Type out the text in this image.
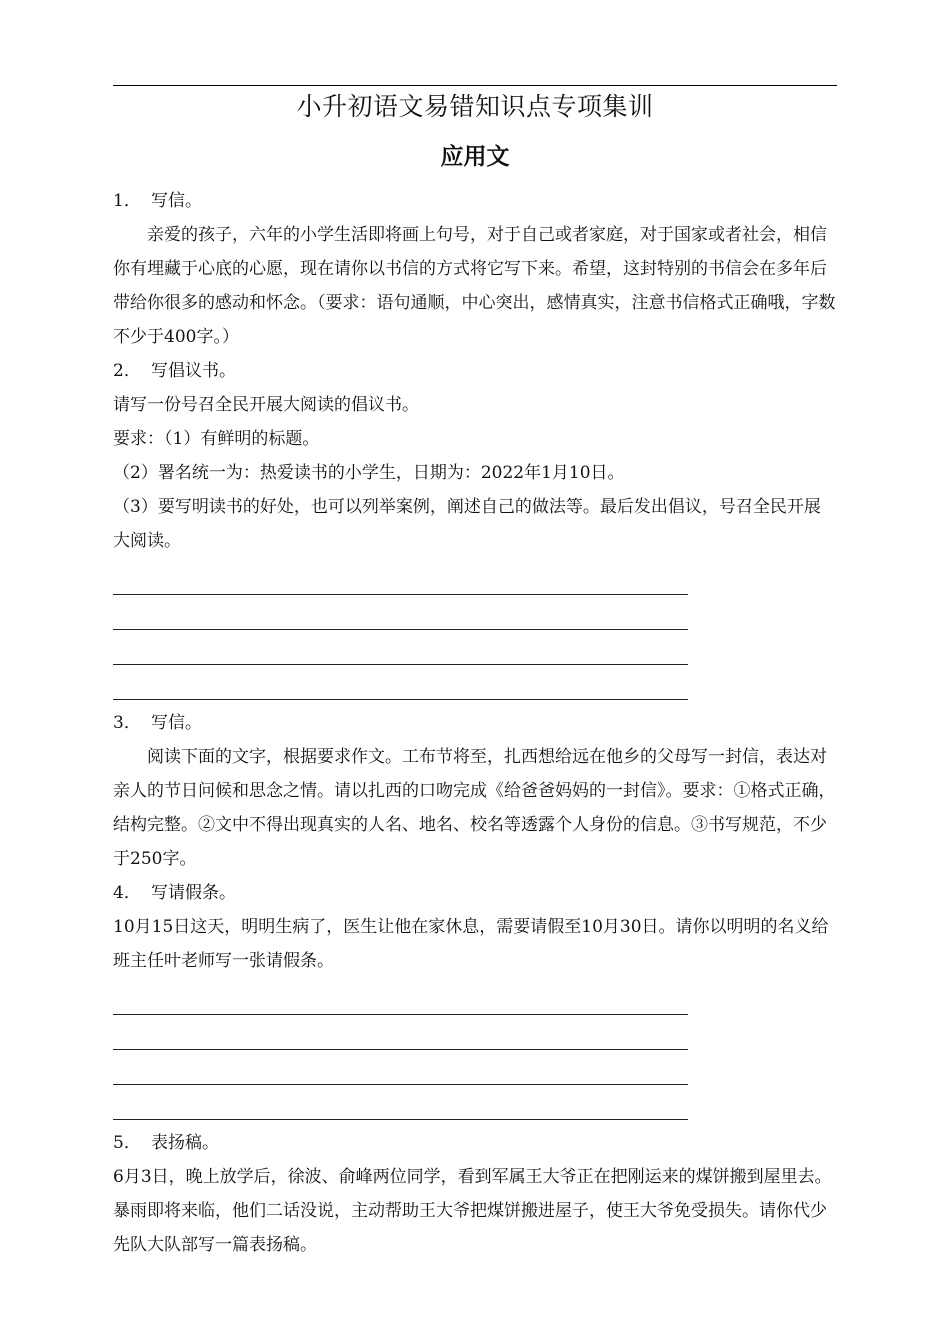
小升初语文易错知识点专项集训
应用文

1． 写信。

亲爱的孩子，六年的小学生活即将画上句号，对于自己或者家庭，对于国家或者社会，相信你有埋藏于心底的心愿，现在请你以书信的方式将它写下来。希望，这封特别的书信会在多年后带给你很多的感动和怀念。（要求：语句通顺，中心突出，感情真实，注意书信格式正确哦，字数不少于400字。）

2． 写倡议书。

请写一份号召全民开展大阅读的倡议书。

要求：（1）有鲜明的标题。

（2）署名统一为：热爱读书的小学生，日期为：2022年1月10日。

（3）要写明读书的好处，也可以列举案例，阐述自己的做法等。最后发出倡议，号召全民开展大阅读。

3． 写信。

阅读下面的文字，根据要求作文。工布节将至，扎西想给远在他乡的父母写一封信，表达对亲人的节日问候和思念之情。请以扎西的口吻完成《给爸爸妈妈的一封信》。要求：①格式正确，结构完整。②文中不得出现真实的人名、地名、校名等透露个人身份的信息。③书写规范，不少于250字。

4． 写请假条。

10月15日这天，明明生病了，医生让他在家休息，需要请假至10月30日。请你以明明的名义给班主任叶老师写一张请假条。

5． 表扬稿。

6月3日，晚上放学后，徐波、俞峰两位同学，看到军属王大爷正在把刚运来的煤饼搬到屋里去。暴雨即将来临，他们二话没说，主动帮助王大爷把煤饼搬进屋子，使王大爷免受损失。请你代少先队大队部写一篇表扬稿。
